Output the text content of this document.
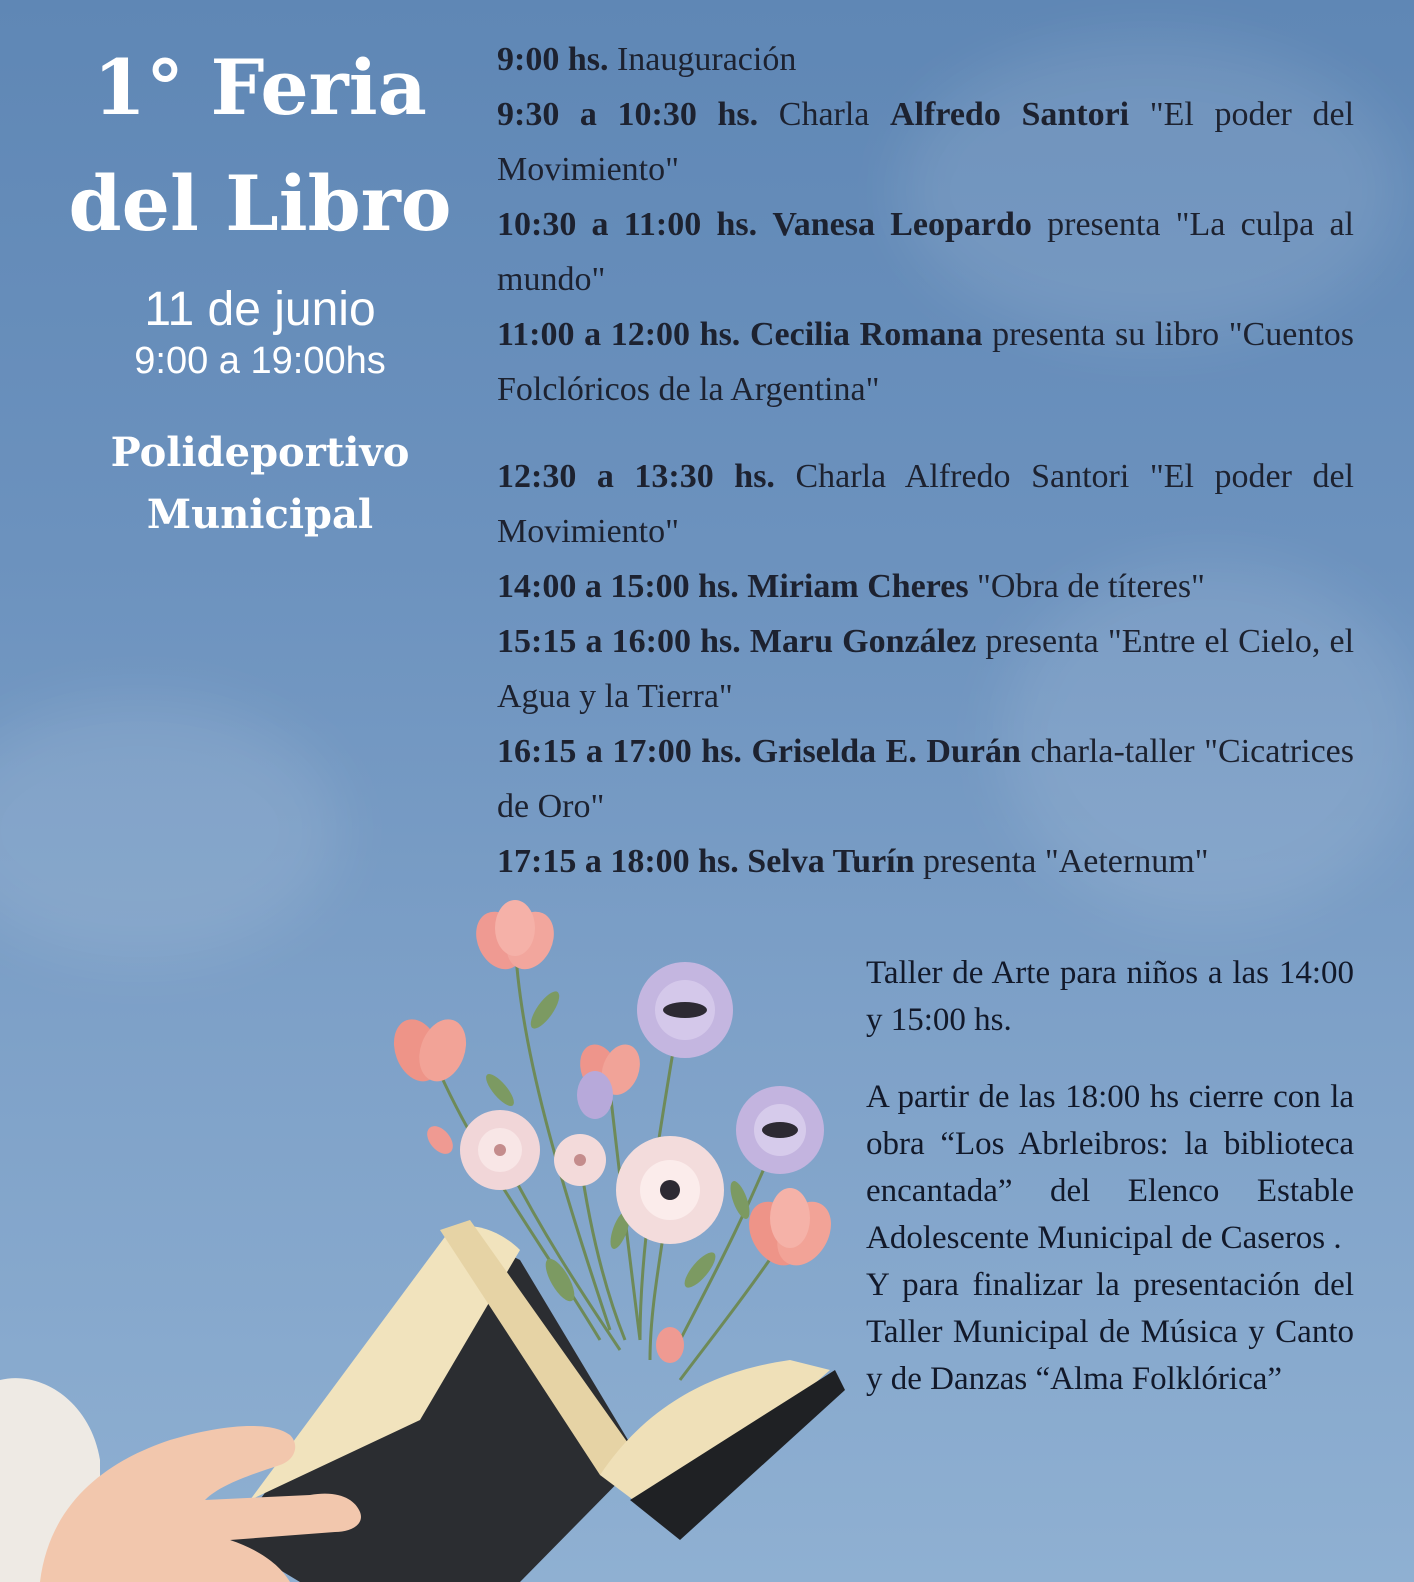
1° Feria
del Libro
11 de junio
9:00 a 19:00hs
Polideportivo
Municipal

9:00 hs. Inauguración

9:30 a 10:30 hs. Charla Alfredo Santori "El poder del Movimiento"

10:30 a 11:00 hs. Vanesa Leopardo presenta "La culpa al mundo"

11:00 a 12:00 hs. Cecilia Romana presenta su libro "Cuentos Folclóricos de la Argentina"

12:30 a 13:30 hs. Charla Alfredo Santori "El poder del Movimiento"

14:00 a 15:00 hs. Miriam Cheres "Obra de títeres"

15:15 a 16:00 hs. Maru González presenta "Entre el Cielo, el Agua y la Tierra"

16:15 a 17:00 hs. Griselda E. Durán charla-taller "Cicatrices de Oro"

17:15 a 18:00 hs. Selva Turín presenta "Aeternum"

Taller de Arte para niños a las 14:00 y 15:00 hs.

A partir de las 18:00 hs cierre con la obra “Los Abrleibros: la biblioteca encantada” del Elenco Estable Adolescente Municipal de Caseros .

Y para finalizar la presentación del Taller Municipal de Música y Canto y de Danzas “Alma Folklórica”
